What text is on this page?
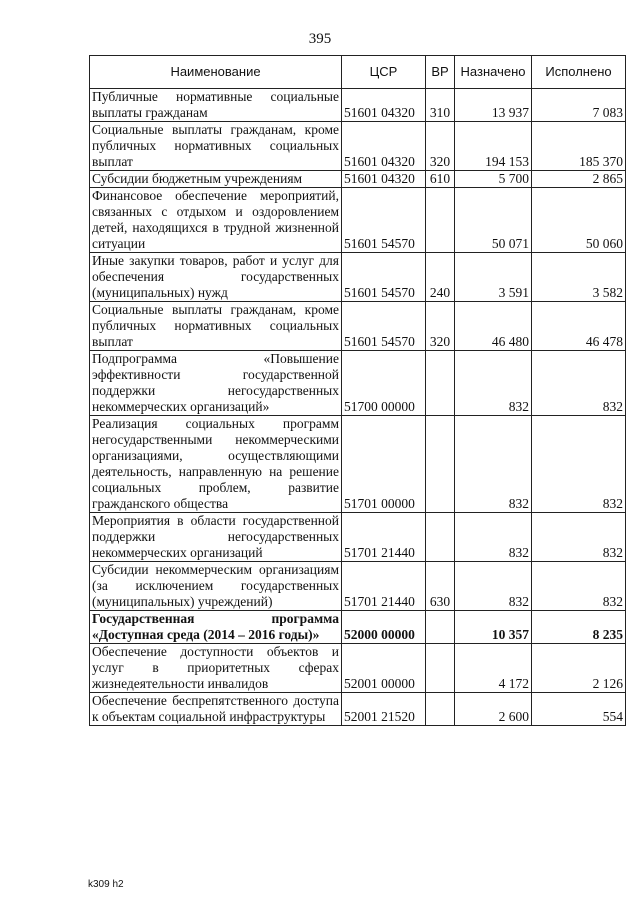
395
Наименование	ЦСР	ВР	Назначено	Исполнено
Публичные нормативные социальные выплаты гражданам	51601 04320	310	13 937	7 083
Социальные выплаты гражданам, кроме публичных нормативных социальных выплат	51601 04320	320	194 153	185 370
Субсидии бюджетным учреждениям	51601 04320	610	5 700	2 865
Финансовое обеспечение мероприятий, связанных с отдыхом и оздоровлением детей, находящихся в трудной жизненной ситуации	51601 54570		50 071	50 060
Иные закупки товаров, работ и услуг для обеспечения государственных (муниципальных) нужд	51601 54570	240	3 591	3 582
Социальные выплаты гражданам, кроме публичных нормативных социальных выплат	51601 54570	320	46 480	46 478
Подпрограмма «Повышение эффективности государственной поддержки негосударственных некоммерческих организаций»	51700 00000		832	832
Реализация социальных программ негосударственными некоммерческими организациями, осуществляющими деятельность, направленную на решение социальных проблем, развитие гражданского общества	51701 00000		832	832
Мероприятия в области государственной поддержки негосударственных некоммерческих организаций	51701 21440		832	832
Субсидии некоммерческим организациям (за исключением государственных (муниципальных) учреждений)	51701 21440	630	832	832
Государственная программа «Доступная среда (2014 – 2016 годы)»	52000 00000		10 357	8 235
Обеспечение доступности объектов и услуг в приоритетных сферах жизнедеятельности инвалидов	52001 00000		4 172	2 126
Обеспечение беспрепятственного доступа к объектам социальной инфраструктуры	52001 21520		2 600	554
k309 h2
